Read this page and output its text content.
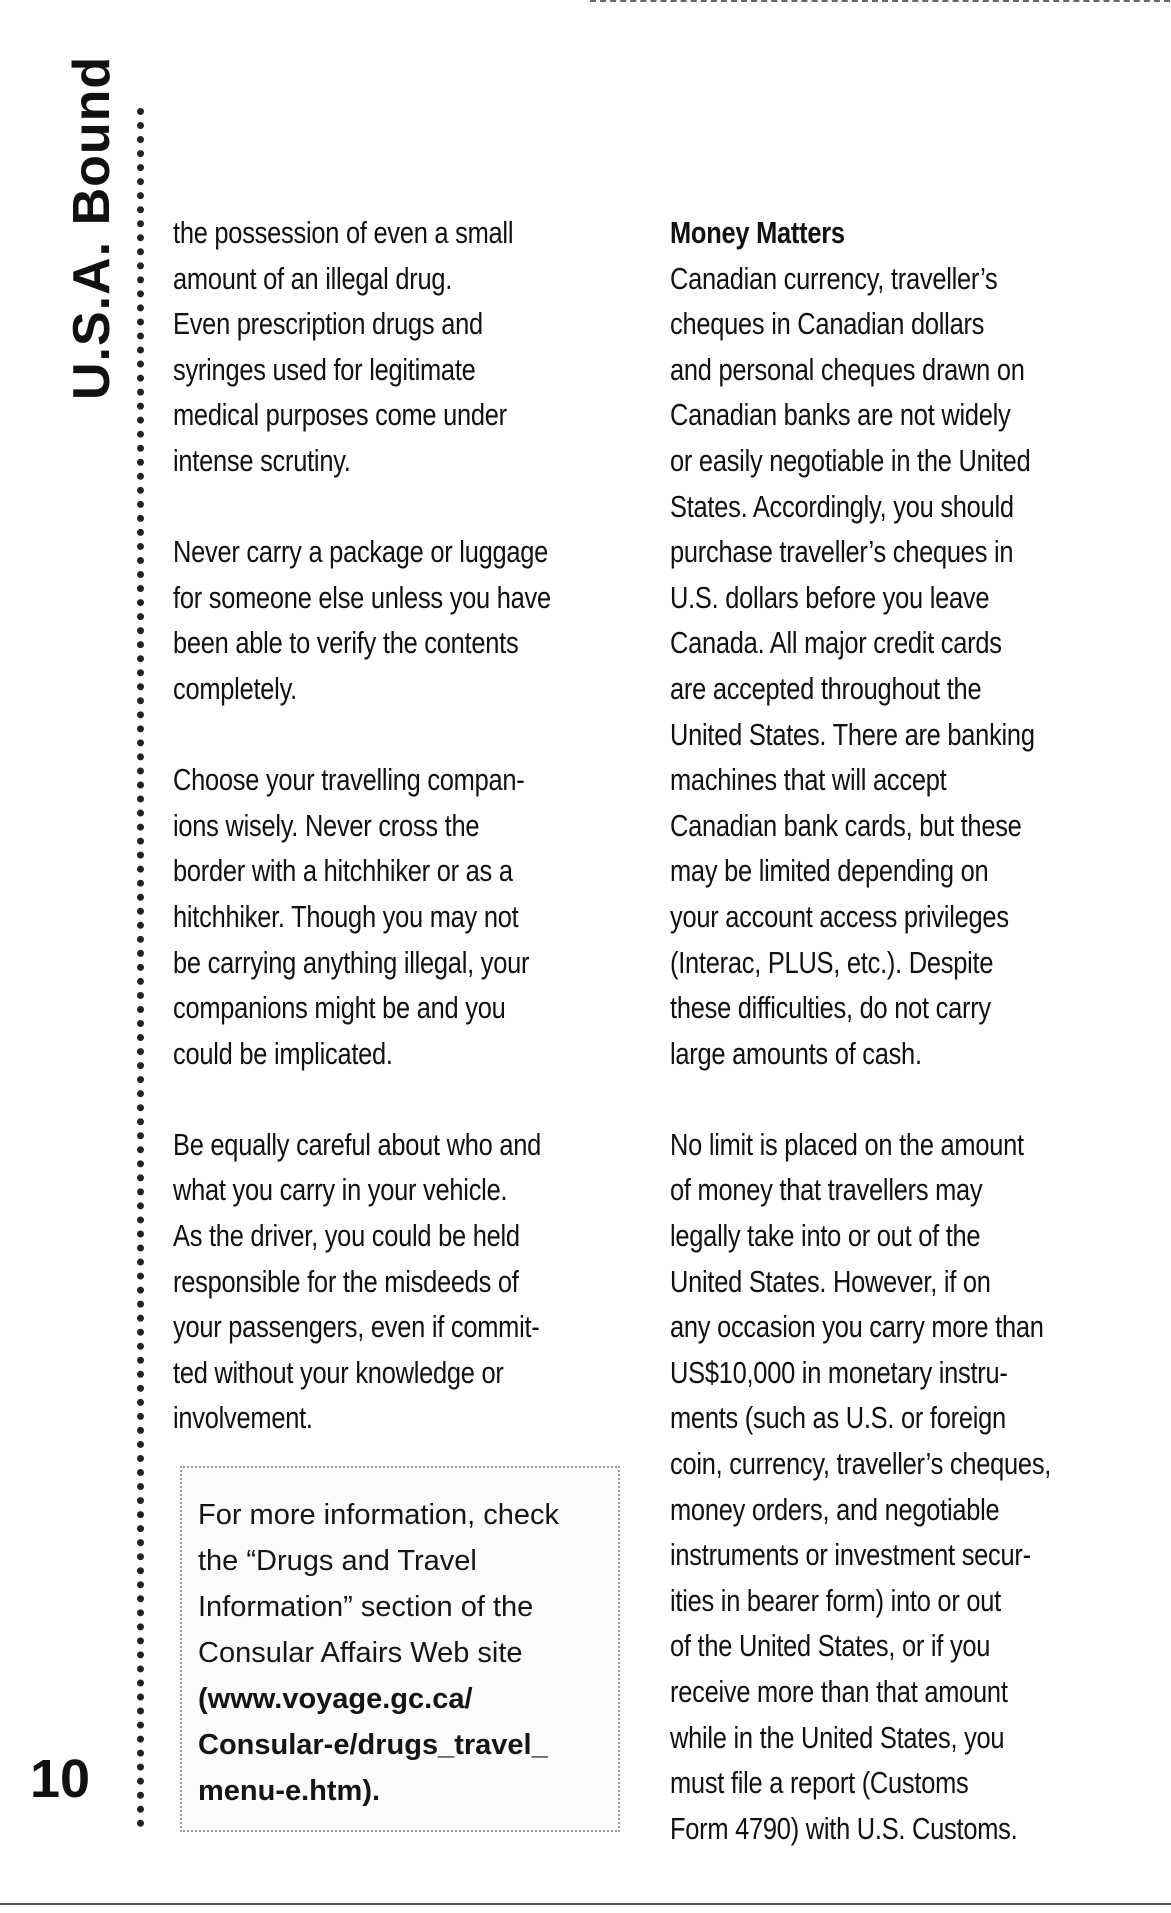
U.S.A. Bound
10

the possession of even a small
amount of an illegal drug.
Even prescription drugs and
syringes used for legitimate
medical purposes come under
intense scrutiny.

Never carry a package or luggage
for someone else unless you have
been able to verify the contents
completely.

Choose your travelling compan-
ions wisely. Never cross the
border with a hitchhiker or as a
hitchhiker. Though you may not
be carrying anything illegal, your
companions might be and you
could be implicated.

Be equally careful about who and
what you carry in your vehicle.
As the driver, you could be held
responsible for the misdeeds of
your passengers, even if commit-
ted without your knowledge or
involvement.

For more information, check the “Drugs and Travel Information” section of the Consular Affairs Web site (www.voyage.gc.ca/ Consular-e/drugs_travel_ menu-e.htm).
Money Matters

Canadian currency, traveller’s
cheques in Canadian dollars
and personal cheques drawn on
Canadian banks are not widely
or easily negotiable in the United
States. Accordingly, you should
purchase traveller’s cheques in
U.S. dollars before you leave
Canada. All major credit cards
are accepted throughout the
United States. There are banking
machines that will accept
Canadian bank cards, but these
may be limited depending on
your account access privileges
(Interac, PLUS, etc.). Despite
these difficulties, do not carry
large amounts of cash.

No limit is placed on the amount
of money that travellers may
legally take into or out of the
United States. However, if on
any occasion you carry more than
US$10,000 in monetary instru-
ments (such as U.S. or foreign
coin, currency, traveller’s cheques,
money orders, and negotiable
instruments or investment secur-
ities in bearer form) into or out
of the United States, or if you
receive more than that amount
while in the United States, you
must file a report (Customs
Form 4790) with U.S. Customs.
